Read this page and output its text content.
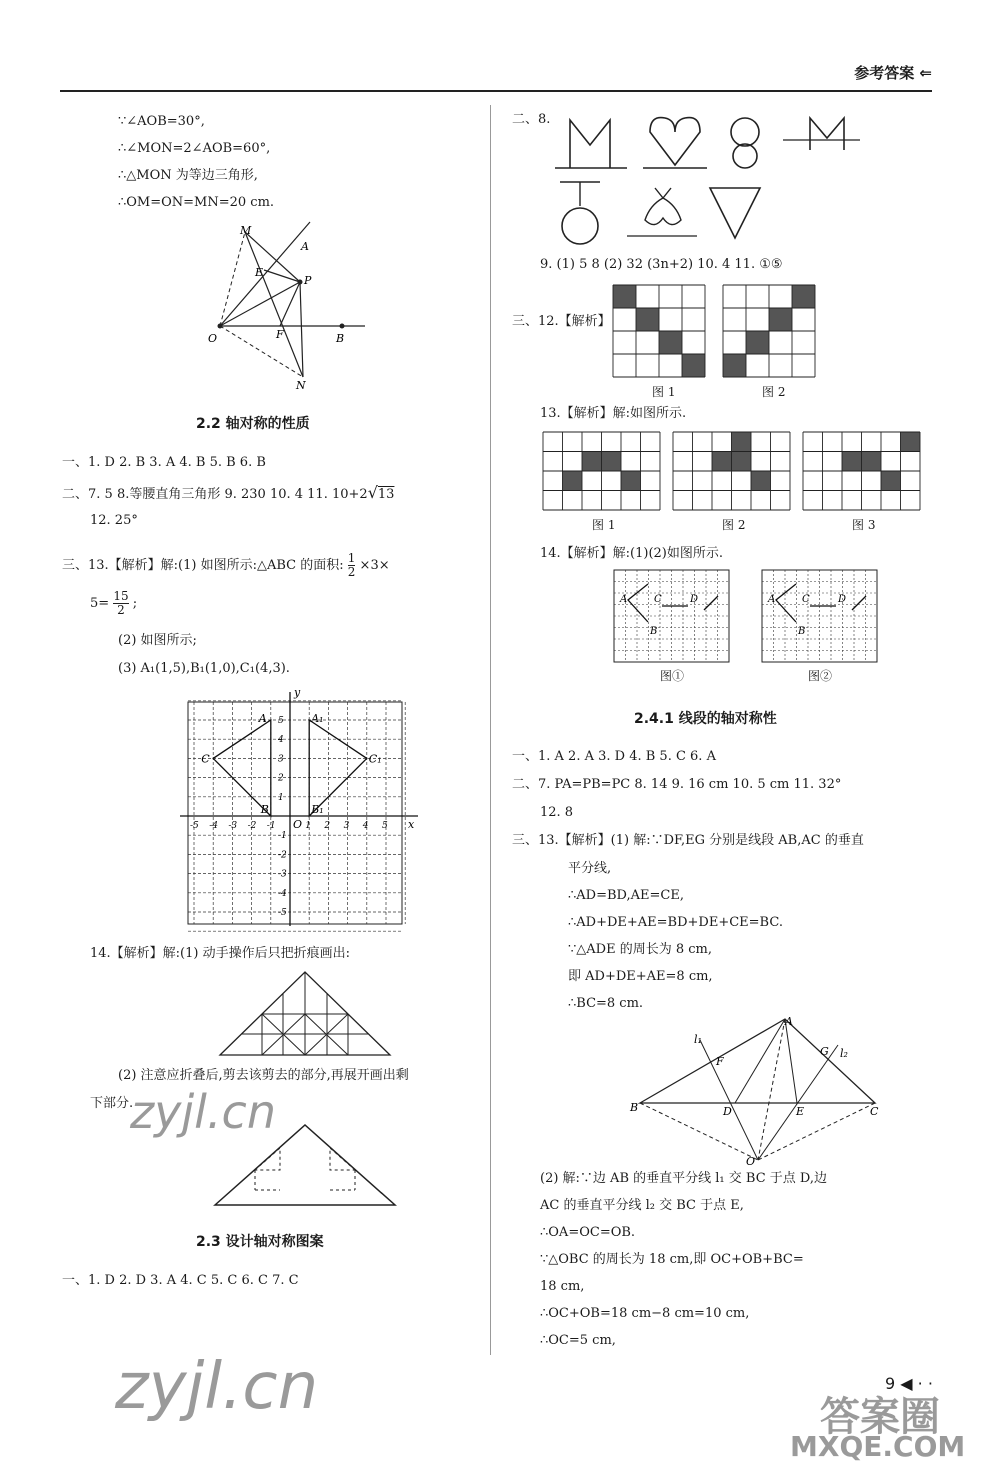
参考答案 ⇐
∵∠AOB=30°,
∴∠MON=2∠AOB=60°,
∴△MON 为等边三角形,
∴OM=ON=MN=20 cm.
M
A
E
P
O	F	B
N
2.2 轴对称的性质
一、1. D 2. B 3. A 4. B 5. B 6. B
二、7. 5 8.等腰直角三角形 9. 230 10. 4 11. 10+2√13
12. 25°
三、13.【解析】解:(1) 如图所示:△ABC 的面积: $\frac{1}{2} \times 3\times$
$5= \frac{15}{2}$ ;
(2) 如图所示;
(3) A₁(1,5),B₁(1,0),C₁(4,3).
y
x
O
A	A₁
C	C₁
B	B₁
-5 -4 -3 -2 -1	1 2 3 4 5
5
4
3
2
1
-1
-2
-3
-4
-5
14.【解析】解:(1) 动手操作后只把折痕画出:
(2) 注意应折叠后,剪去该剪去的部分,再展开画出剩
下部分.
2.3 设计轴对称图案
一、1. D 2. D 3. A 4. C 5. C 6. C 7. C
二、8.
9. (1) 5 8 (2) 32 (3n+2) 10. 4 11. ①⑤
三、12.【解析】
图 1	图 2
13.【解析】解:如图所示.
图 1	图 2	图 3
14.【解析】解:(1)(2)如图所示.
A	C	D
B
A	C	D
B
图①	图②
2.4.1 线段的轴对称性
一、1. A 2. A 3. D 4. B 5. C 6. A
二、7. PA=PB=PC 8. 14 9. 16 cm 10. 5 cm 11. 32°
12. 8
三、13.【解析】(1) 解:∵DF,EG 分别是线段 AB,AC 的垂直
平分线,
∴AD=BD,AE=CE,
∴AD+DE+AE=BD+DE+CE=BC.
∵△ADE 的周长为 8 cm,
即 AD+DE+AE=8 cm,
∴BC=8 cm.
l₁
A
G l₂
F
B	D	E	C
O
(2) 解:∵边 AB 的垂直平分线 l₁ 交 BC 于点 D,边
AC 的垂直平分线 l₂ 交 BC 于点 E,
∴OA=OC=OB.
∵△OBC 的周长为 18 cm,即 OC+OB+BC=
18 cm,
∴OC+OB=18 cm−8 cm=10 cm,
∴OC=5 cm,
9 ◀ · ·
zyjl.cn
zyjl.cn	答案圈
MXQE.COM
